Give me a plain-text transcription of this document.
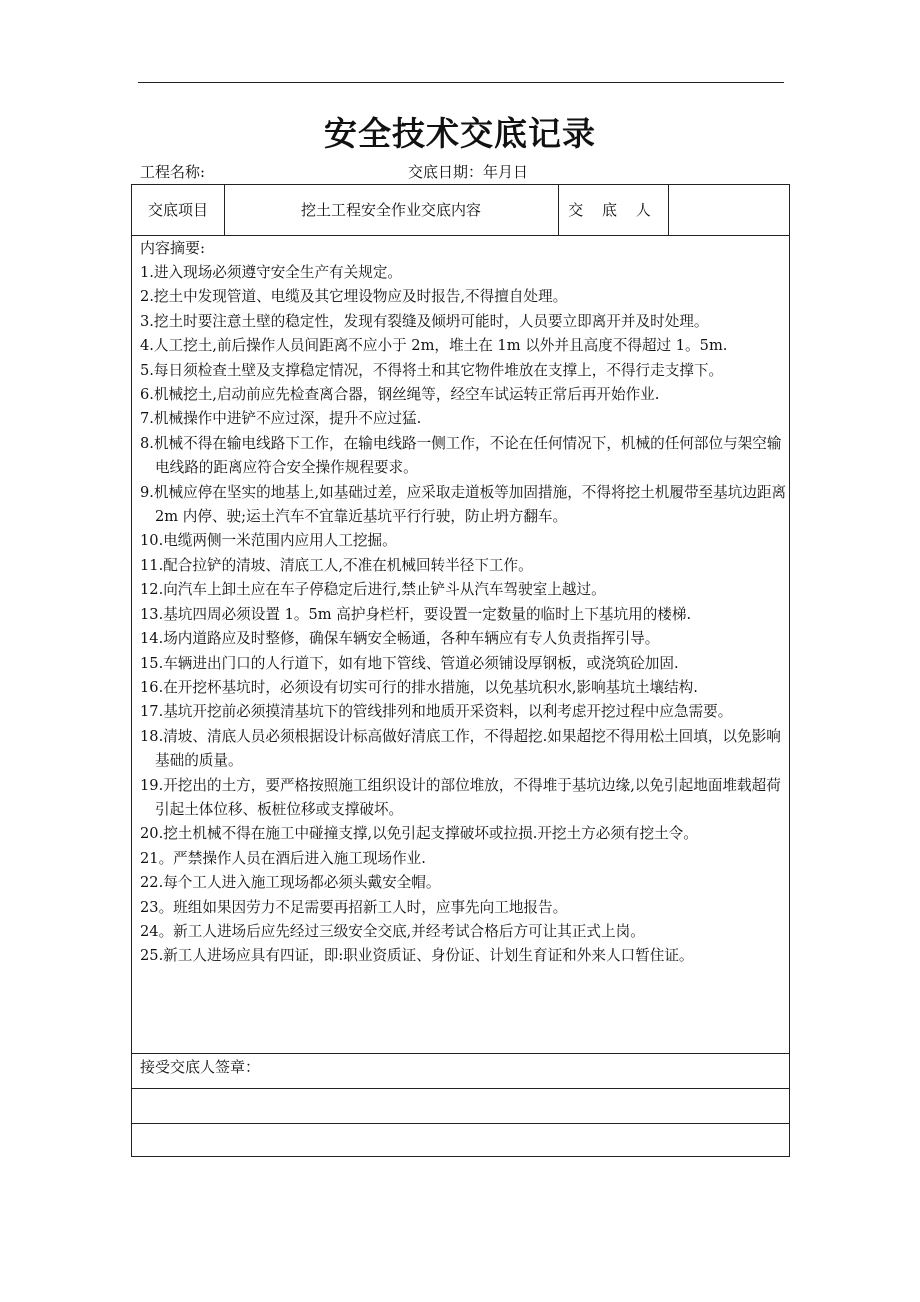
安全技术交底记录
工程名称:	交底日期：年月日
交底项目	挖土工程安全作业交底内容	交 底 人
内容摘要:
1.进入现场必须遵守安全生产有关规定。
2.挖土中发现管道、电缆及其它埋设物应及时报告,不得擅自处理。
3.挖土时要注意土壁的稳定性，发现有裂缝及倾坍可能时，人员要立即离开并及时处理。
4.人工挖土,前后操作人员间距离不应小于 2m，堆土在 1m 以外并且高度不得超过 1。5m.
5.每日须检查土壁及支撑稳定情况，不得将土和其它物件堆放在支撑上，不得行走支撑下。
6.机械挖土,启动前应先检查离合器，钢丝绳等，经空车试运转正常后再开始作业.
7.机械操作中进铲不应过深，提升不应过猛.
8.机械不得在输电线路下工作，在输电线路一侧工作，不论在任何情况下，机械的任何部位与架空输电线路的距离应符合安全操作规程要求。
9.机械应停在坚实的地基上,如基础过差，应采取走道板等加固措施，不得将挖土机履带至基坑边距离 2m 内停、驶;运土汽车不宜靠近基坑平行行驶，防止坍方翻车。
10.电缆两侧一米范围内应用人工挖掘。
11.配合拉铲的清坡、清底工人,不准在机械回转半径下工作。
12.向汽车上卸土应在车子停稳定后进行,禁止铲斗从汽车驾驶室上越过。
13.基坑四周必须设置 1。5m 高护身栏杆，要设置一定数量的临时上下基坑用的楼梯.
14.场内道路应及时整修，确保车辆安全畅通，各种车辆应有专人负责指挥引导。
15.车辆进出门口的人行道下，如有地下管线、管道必须铺设厚钢板，或浇筑砼加固.
16.在开挖杯基坑时，必须设有切实可行的排水措施，以免基坑积水,影响基坑土壤结构.
17.基坑开挖前必须摸清基坑下的管线排列和地质开采资料，以利考虑开挖过程中应急需要。
18.清坡、清底人员必须根据设计标高做好清底工作，不得超挖.如果超挖不得用松土回填，以免影响基础的质量。
19.开挖出的土方，要严格按照施工组织设计的部位堆放，不得堆于基坑边缘,以免引起地面堆载超荷引起土体位移、板桩位移或支撑破坏。
20.挖土机械不得在施工中碰撞支撑,以免引起支撑破坏或拉损.开挖土方必须有挖土令。
21。严禁操作人员在酒后进入施工现场作业.
22.每个工人进入施工现场都必须头戴安全帽。
23。班组如果因劳力不足需要再招新工人时，应事先向工地报告。
24。新工人进场后应先经过三级安全交底,并经考试合格后方可让其正式上岗。
25.新工人进场应具有四证，即:职业资质证、身份证、计划生育证和外来人口暂住证。
接受交底人签章：
